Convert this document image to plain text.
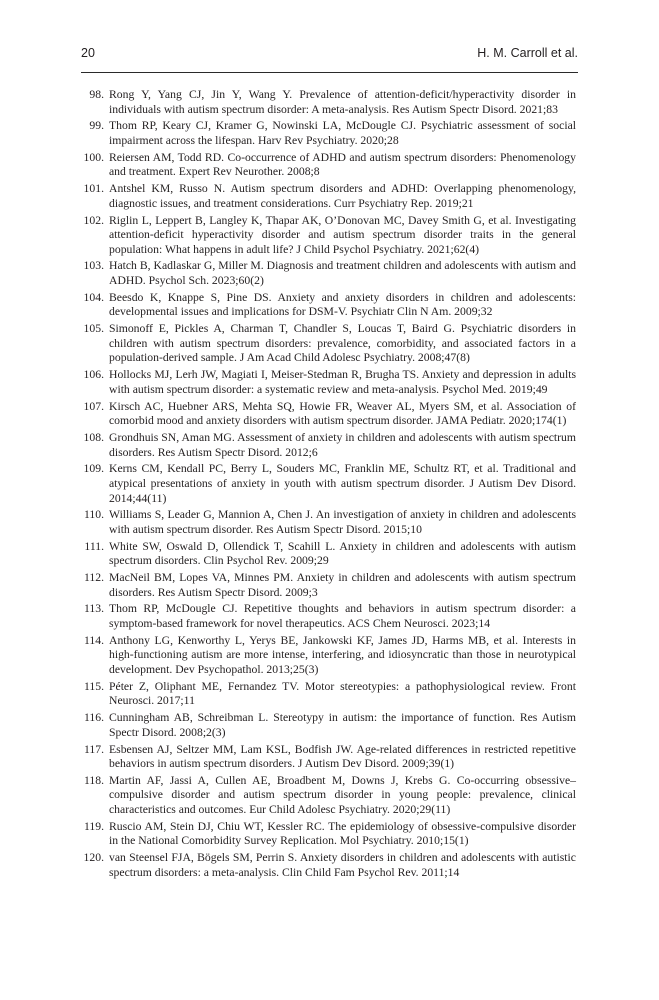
20	H. M. Carroll et al.
98. Rong Y, Yang CJ, Jin Y, Wang Y. Prevalence of attention-deficit/hyperactivity disorder in individuals with autism spectrum disorder: A meta-analysis. Res Autism Spectr Disord. 2021;83
99. Thom RP, Keary CJ, Kramer G, Nowinski LA, McDougle CJ. Psychiatric assessment of social impairment across the lifespan. Harv Rev Psychiatry. 2020;28
100. Reiersen AM, Todd RD. Co-occurrence of ADHD and autism spectrum disorders: Phenomenology and treatment. Expert Rev Neurother. 2008;8
101. Antshel KM, Russo N. Autism spectrum disorders and ADHD: Overlapping phenomenology, diagnostic issues, and treatment considerations. Curr Psychiatry Rep. 2019;21
102. Riglin L, Leppert B, Langley K, Thapar AK, O’Donovan MC, Davey Smith G, et al. Investigating attention-deficit hyperactivity disorder and autism spectrum disorder traits in the general population: What happens in adult life? J Child Psychol Psychiatry. 2021;62(4)
103. Hatch B, Kadlaskar G, Miller M. Diagnosis and treatment children and adolescents with autism and ADHD. Psychol Sch. 2023;60(2)
104. Beesdo K, Knappe S, Pine DS. Anxiety and anxiety disorders in children and adolescents: developmental issues and implications for DSM-V. Psychiatr Clin N Am. 2009;32
105. Simonoff E, Pickles A, Charman T, Chandler S, Loucas T, Baird G. Psychiatric disorders in children with autism spectrum disorders: prevalence, comorbidity, and associated factors in a population-derived sample. J Am Acad Child Adolesc Psychiatry. 2008;47(8)
106. Hollocks MJ, Lerh JW, Magiati I, Meiser-Stedman R, Brugha TS. Anxiety and depression in adults with autism spectrum disorder: a systematic review and meta-analysis. Psychol Med. 2019;49
107. Kirsch AC, Huebner ARS, Mehta SQ, Howie FR, Weaver AL, Myers SM, et al. Association of comorbid mood and anxiety disorders with autism spectrum disorder. JAMA Pediatr. 2020;174(1)
108. Grondhuis SN, Aman MG. Assessment of anxiety in children and adolescents with autism spectrum disorders. Res Autism Spectr Disord. 2012;6
109. Kerns CM, Kendall PC, Berry L, Souders MC, Franklin ME, Schultz RT, et al. Traditional and atypical presentations of anxiety in youth with autism spectrum disorder. J Autism Dev Disord. 2014;44(11)
110. Williams S, Leader G, Mannion A, Chen J. An investigation of anxiety in children and adolescents with autism spectrum disorder. Res Autism Spectr Disord. 2015;10
111. White SW, Oswald D, Ollendick T, Scahill L. Anxiety in children and adolescents with autism spectrum disorders. Clin Psychol Rev. 2009;29
112. MacNeil BM, Lopes VA, Minnes PM. Anxiety in children and adolescents with autism spectrum disorders. Res Autism Spectr Disord. 2009;3
113. Thom RP, McDougle CJ. Repetitive thoughts and behaviors in autism spectrum disorder: a symptom-based framework for novel therapeutics. ACS Chem Neurosci. 2023;14
114. Anthony LG, Kenworthy L, Yerys BE, Jankowski KF, James JD, Harms MB, et al. Interests in high-functioning autism are more intense, interfering, and idiosyncratic than those in neurotypical development. Dev Psychopathol. 2013;25(3)
115. Péter Z, Oliphant ME, Fernandez TV. Motor stereotypies: a pathophysiological review. Front Neurosci. 2017;11
116. Cunningham AB, Schreibman L. Stereotypy in autism: the importance of function. Res Autism Spectr Disord. 2008;2(3)
117. Esbensen AJ, Seltzer MM, Lam KSL, Bodfish JW. Age-related differences in restricted repetitive behaviors in autism spectrum disorders. J Autism Dev Disord. 2009;39(1)
118. Martin AF, Jassi A, Cullen AE, Broadbent M, Downs J, Krebs G. Co-occurring obsessive–compulsive disorder and autism spectrum disorder in young people: prevalence, clinical characteristics and outcomes. Eur Child Adolesc Psychiatry. 2020;29(11)
119. Ruscio AM, Stein DJ, Chiu WT, Kessler RC. The epidemiology of obsessive-compulsive disorder in the National Comorbidity Survey Replication. Mol Psychiatry. 2010;15(1)
120. van Steensel FJA, Bögels SM, Perrin S. Anxiety disorders in children and adolescents with autistic spectrum disorders: a meta-analysis. Clin Child Fam Psychol Rev. 2011;14
